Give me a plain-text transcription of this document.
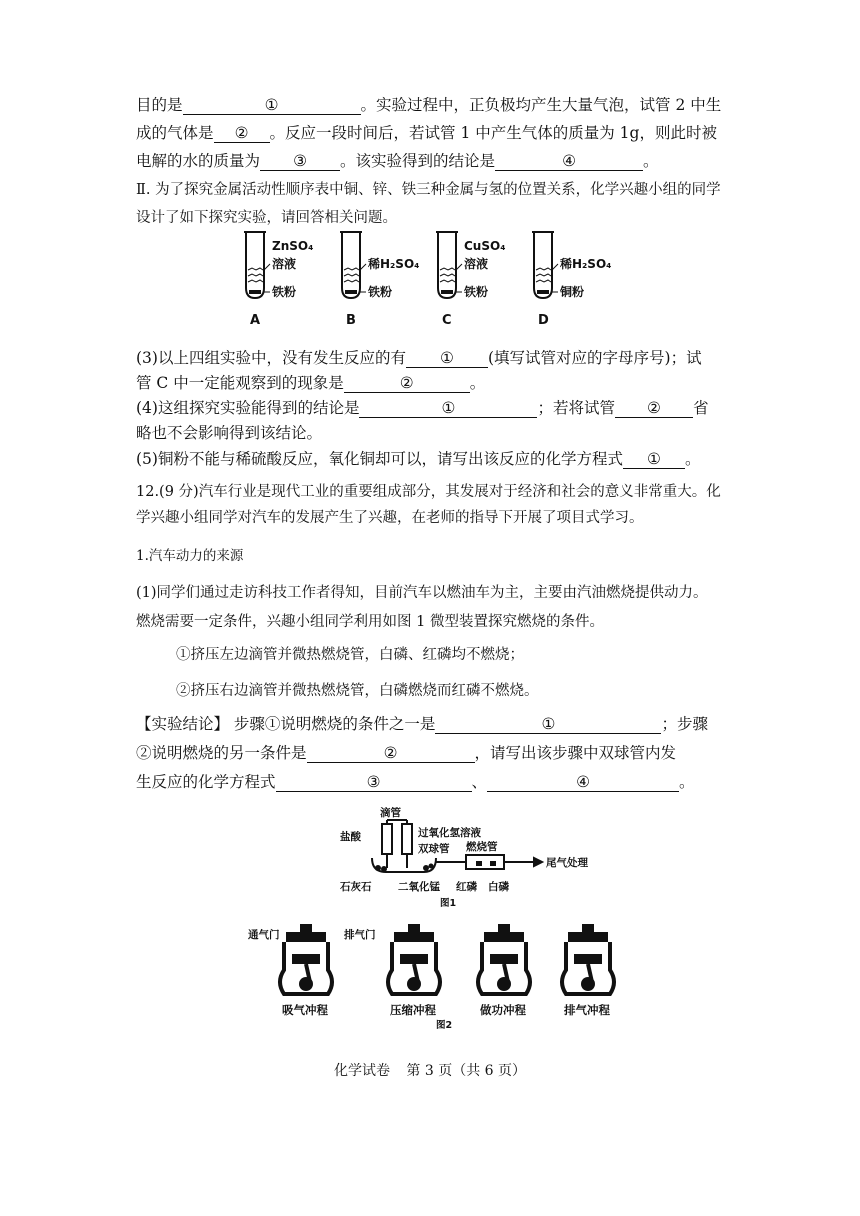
目的是	①	。实验过程中，正负极均产生大量气泡，试管 2 中生
成的气体是 ② 。反应一段时间后，若试管 1 中产生气体的质量为 1g，则此时被
电解的水的质量为 ③ 。该实验得到的结论是	④	。
Ⅱ. 为了探究金属活动性顺序表中铜、锌、铁三种金属与氢的位置关系，化学兴趣小组的同学
设计了如下探究实验，请回答相关问题。
ZnSO₄
溶液
铁粉
A
稀H₂SO₄
铁粉
B
CuSO₄
溶液
铁粉
C
稀H₂SO₄
铜粉
D
(3)以上四组实验中，没有发生反应的有 ① (填写试管对应的字母序号)；试
管 C 中一定能观察到的现象是	②	。
(4)这组探究实验能得到的结论是	①	；若将试管 ② 省
略也不会影响得到该结论。
(5)铜粉不能与稀硫酸反应，氧化铜却可以，请写出该反应的化学方程式 ① 。
12.(9 分)汽车行业是现代工业的重要组成部分，其发展对于经济和社会的意义非常重大。化
学兴趣小组同学对汽车的发展产生了兴趣，在老师的指导下开展了项目式学习。
1.汽车动力的来源
(1)同学们通过走访科技工作者得知，目前汽车以燃油车为主，主要由汽油燃烧提供动力。
燃烧需要一定条件，兴趣小组同学利用如图 1 微型装置探究燃烧的条件。
①挤压左边滴管并微热燃烧管，白磷、红磷均不燃烧；
②挤压右边滴管并微热燃烧管，白磷燃烧而红磷不燃烧。
【实验结论】 步骤①说明燃烧的条件之一是	①	；步骤
②说明燃烧的另一条件是	②	，请写出该步骤中双球管内发
生反应的化学方程式	③	、	④	。
滴管
盐酸	过氧化氢溶液
双球管 燃烧管
尾气处理
石灰石	二氧化锰 红磷 白磷
图1
吸气冲程	压缩冲程	做功冲程	排气冲程
通气门	排气门
图2
化学试卷 第 3 页（共 6 页）
